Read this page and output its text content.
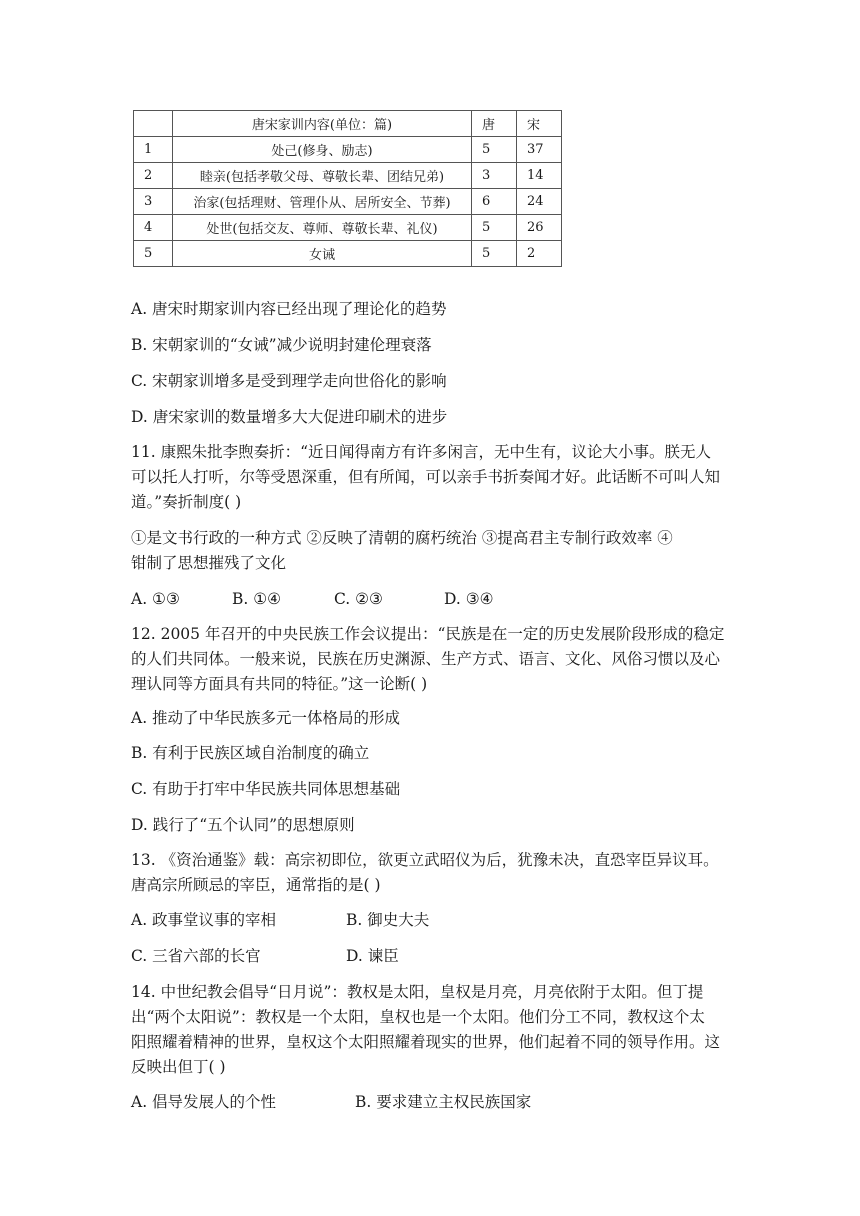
	唐宋家训内容(单位：篇)	唐	宋
1	处己(修身、励志)	5	37
2	睦亲(包括孝敬父母、尊敬长辈、团结兄弟)	3	14
3	治家(包括理财、管理仆从、居所安全、节葬)	6	24
4	处世(包括交友、尊师、尊敬长辈、礼仪)	5	26
5	女诫	5	2
A. 唐宋时期家训内容已经出现了理论化的趋势
B. 宋朝家训的“女诫”减少说明封建伦理衰落
C. 宋朝家训增多是受到理学走向世俗化的影响
D. 唐宋家训的数量增多大大促进印刷术的进步
11. 康熙朱批李煦奏折：“近日闻得南方有许多闲言，无中生有，议论大小事。朕无人
可以托人打听，尔等受恩深重，但有所闻，可以亲手书折奏闻才好。此话断不可叫人知
道。”奏折制度( )
①是文书行政的一种方式 ②反映了清朝的腐朽统治 ③提高君主专制行政效率 ④
钳制了思想摧残了文化
A. ①③	B. ①④	C. ②③	D. ③④
12. 2005 年召开的中央民族工作会议提出：“民族是在一定的历史发展阶段形成的稳定
的人们共同体。一般来说，民族在历史渊源、生产方式、语言、文化、风俗习惯以及心
理认同等方面具有共同的特征。”这一论断( )
A. 推动了中华民族多元一体格局的形成
B. 有利于民族区域自治制度的确立
C. 有助于打牢中华民族共同体思想基础
D. 践行了“五个认同”的思想原则
13. 《资治通鉴》载：高宗初即位，欲更立武昭仪为后，犹豫未决，直恐宰臣异议耳。
唐高宗所顾忌的宰臣，通常指的是( )
A. 政事堂议事的宰相	B. 御史大夫
C. 三省六部的长官	D. 谏臣
14. 中世纪教会倡导“日月说”：教权是太阳，皇权是月亮，月亮依附于太阳。但丁提
出“两个太阳说”：教权是一个太阳，皇权也是一个太阳。他们分工不同，教权这个太
阳照耀着精神的世界，皇权这个太阳照耀着现实的世界，他们起着不同的领导作用。这
反映出但丁( )
A. 倡导发展人的个性	B. 要求建立主权民族国家
